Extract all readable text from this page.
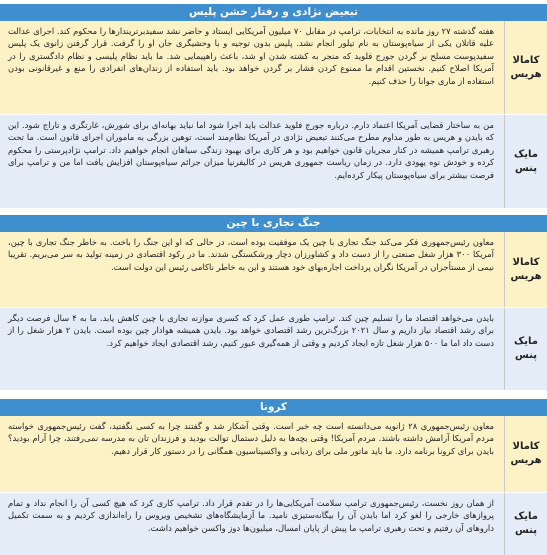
تبعیض نژادی و رفتار خشن پلیس
کامالا
هریس
هفته گذشته ۲۷ روز مانده به انتخابات، ترامپ در مقابل ۷۰ میلیون آمریکایی ایستاد و حاضر نشد سفیدبرتریندارها را محکوم کند. اجرای عدالت علیه قاتلان یکی از سیاه‌پوستان به نام تیلور انجام نشد. پلیس بدون توجیه و با وحشیگری جان او را گرفت. قرار گرفتن زانوی یک پلیس سفیدپوست مسلح بر گردن جورج فلوید که منجر به کشته شدن او شد، باعث راهپیمایی شد. ما باید نظام پلیسی و نظام دادگستری را در آمریکا اصلاح کنیم. نخستین اقدام ما ممنوع کردن فشار بر گردن خواهد بود. باید استفاده از زندان‌های انفرادی را منع و غیرقانونی بودن استفاده از ماری جوانا را حذف کنیم.
مایک
پنس
من به ساختار قضایی آمریکا اعتماد دارم. درباره جورج فلوید عدالت باید اجرا شود اما نباید بهانه‌ای برای شورش، غارتگری و تاراج شود. این که بایدن و هریس به طور مداوم مطرح می‌کنند تبعیض نژادی در آمریکا نظام‌مند است، توهین بزرگی به ماموران اجرای قانون است. ما تحت رهبری ترامپ همیشه در کنار مجریان قانون خواهیم بود و هر کاری برای بهبود زندگی سیاهان انجام خواهیم داد. ترامپ نژادپرستی را محکوم کرده و خودش نوه یهودی دارد. در زمان ریاست جمهوری هریس در کالیفرنیا میزان جرائم سیاه‌پوستان افزایش یافت اما من و ترامپ برای فرصت بیشتر برای سیاه‌پوستان پیکار کرده‌ایم.
جنگ تجاری با چین
کامالا
هریس
معاون رئیس‌جمهوری فکر می‌کند جنگ تجاری با چین یک موفقیت بوده است، در حالی که او این جنگ را باخت. به خاطر جنگ تجاری با چین، آمریکا ۳۰۰ هزار شغل صنعتی را از دست داد و کشاورزان دچار ورشکستگی شدند. ما در رکود اقتصادی در زمینه تولید به سر می‌بریم. تقریبا نیمی از مستأجران در آمریکا نگران پرداخت اجاره‌بهای خود هستند و این به خاطر ناکامی رئیس این دولت است.
مایک
پنس
بایدن می‌خواهد اقتصاد ما را تسلیم چین کند. ترامپ طوری عمل کرد که کسری موازنه تجاری با چین کاهش یابد. ما به ۴ سال فرصت دیگر برای رشد اقتصاد نیاز داریم و سال ۲۰۲۱ بزرگ‌ترین رشد اقتصادی خواهد بود. بایدن همیشه هوادار چین بوده است. بایدن ۲ هزار شغل را از دست داد اما ما ۵۰۰ هزار شغل تازه ایجاد کردیم و وقتی از همه‌گیری عبور کنیم، رشد اقتصادی ایجاد خواهیم کرد.
کرونا
کامالا
هریس
معاون رئیس‌جمهوری ۲۸ ژانویه می‌دانسته است چه خبر است. وقتی آشکار شد و گفتند چرا به کسی نگفتید، گفت رئیس‌جمهوری خواسته مردم آمریکا آرامش داشته باشند. مردم آمریکا! وقتی بچه‌ها به دلیل دستمال توالت بودید و فرزندان تان به مدرسه نمی‌رفتند، چرا آرام بودید؟ بایدن برای کرونا برنامه دارد. ما باید ماتور ملی برای ردیابی و واکسیناسیون همگانی را در دستور کار قرار دهیم.
مایک
پنس
از همان روز نخست، رئیس‌جمهوری ترامپ سلامت آمریکایی‌ها را در تقدم قرار داد. ترامپ کاری کرد که هیچ کسی آن را انجام نداد و تمام پروازهای خارجی را لغو کرد اما بایدن آن را بیگانه‌ستیزی نامید. ما آزمایشگاه‌های تشخیص ویروس را راه‌اندازی کردیم و به سمت تکمیل داروهای آن رفتیم و تحت رهبری ترامپ ما پیش از پایان امسال، میلیون‌ها دوز واکسن خواهیم داشت.
